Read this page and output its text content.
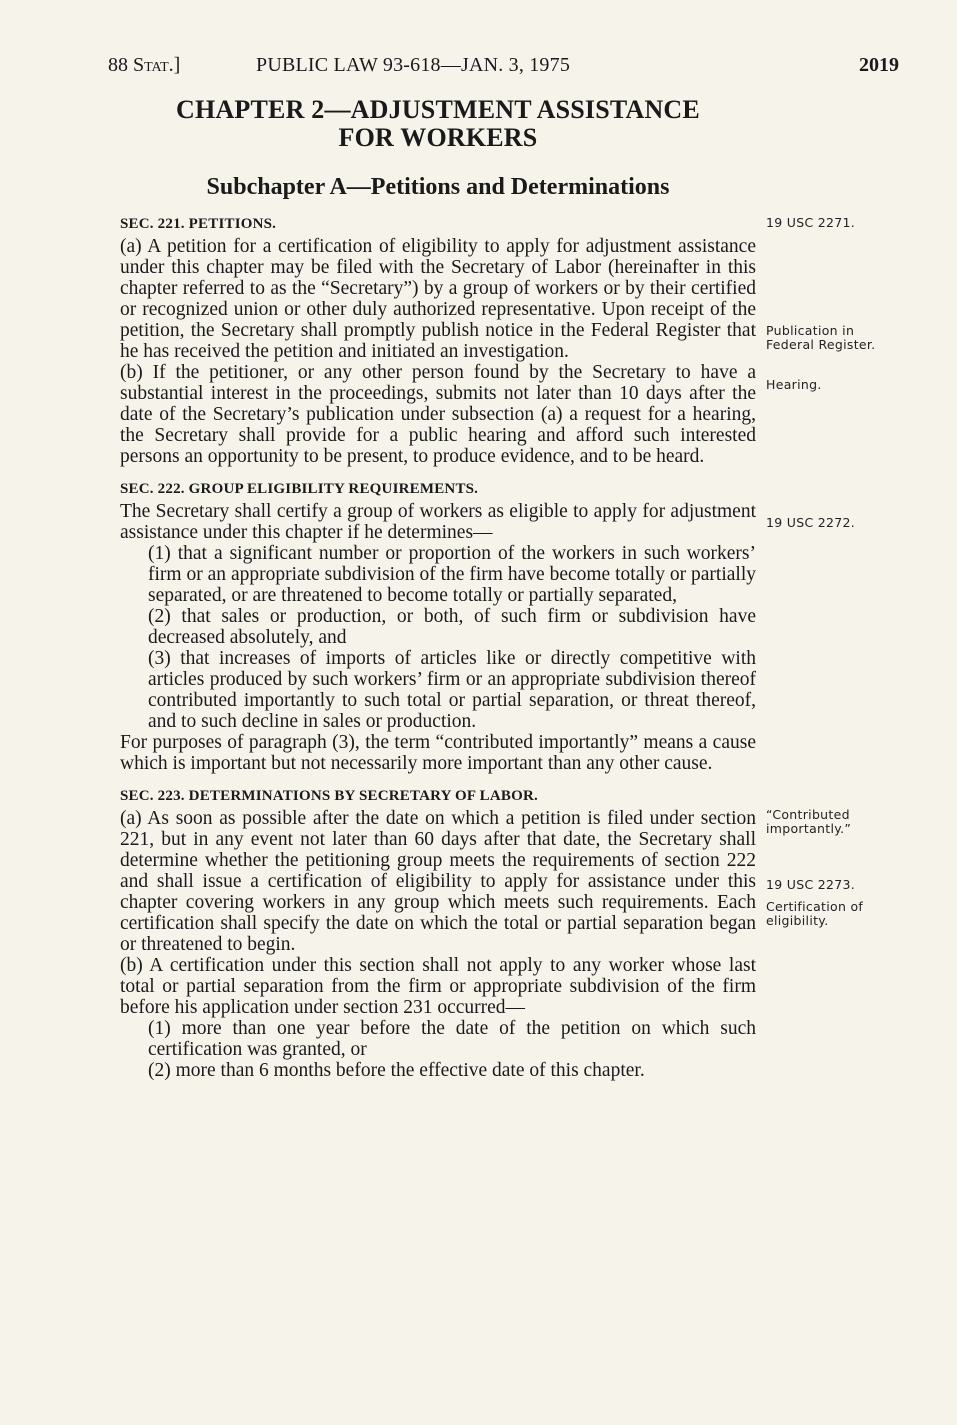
88 Stat.]	PUBLIC LAW 93-618—JAN. 3, 1975	2019
CHAPTER 2—ADJUSTMENT ASSISTANCE
FOR WORKERS
Subchapter A—Petitions and Determinations
SEC. 221. PETITIONS.

(a) A petition for a certification of eligibility to apply for adjustment assistance under this chapter may be filed with the Secretary of Labor (hereinafter in this chapter referred to as the “Secretary”) by a group of workers or by their certified or recognized union or other duly authorized representative. Upon receipt of the petition, the Secretary shall promptly publish notice in the Federal Register that he has received the petition and initiated an investigation.

(b) If the petitioner, or any other person found by the Secretary to have a substantial interest in the proceedings, submits not later than 10 days after the date of the Secretary’s publication under subsection (a) a request for a hearing, the Secretary shall provide for a public hearing and afford such interested persons an opportunity to be present, to produce evidence, and to be heard.

SEC. 222. GROUP ELIGIBILITY REQUIREMENTS.

The Secretary shall certify a group of workers as eligible to apply for adjustment assistance under this chapter if he determines—

(1) that a significant number or proportion of the workers in such workers’ firm or an appropriate subdivision of the firm have become totally or partially separated, or are threatened to become totally or partially separated,

(2) that sales or production, or both, of such firm or subdivision have decreased absolutely, and

(3) that increases of imports of articles like or directly competitive with articles produced by such workers’ firm or an appropriate subdivision thereof contributed importantly to such total or partial separation, or threat thereof, and to such decline in sales or production.

For purposes of paragraph (3), the term “contributed importantly” means a cause which is important but not necessarily more important than any other cause.

SEC. 223. DETERMINATIONS BY SECRETARY OF LABOR.

(a) As soon as possible after the date on which a petition is filed under section 221, but in any event not later than 60 days after that date, the Secretary shall determine whether the petitioning group meets the requirements of section 222 and shall issue a certification of eligibility to apply for assistance under this chapter covering workers in any group which meets such requirements. Each certification shall specify the date on which the total or partial separation began or threatened to begin.

(b) A certification under this section shall not apply to any worker whose last total or partial separation from the firm or appropriate subdivision of the firm before his application under section 231 occurred—

(1) more than one year before the date of the petition on which such certification was granted, or

(2) more than 6 months before the effective date of this chapter.

19 USC 2271.
Publication in
Federal Register.
Hearing.
19 USC 2272.
“Contributed
importantly.”
19 USC 2273.
Certification of
eligibility.
